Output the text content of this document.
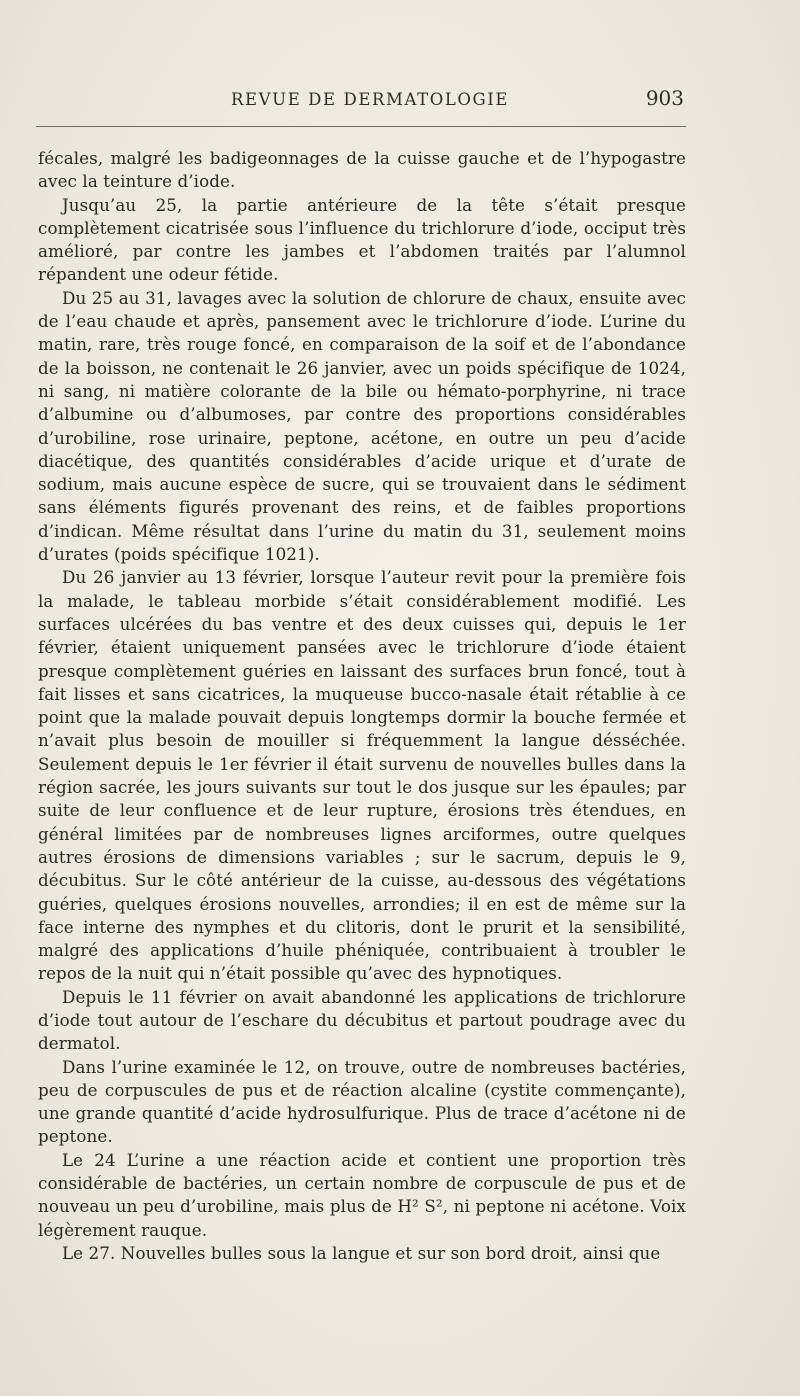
REVUE DE DERMATOLOGIE	903

fécales, malgré les badigeonnages de la cuisse gauche et de l’hypogastre avec la teinture d’iode.

Jusqu’au 25, la partie antérieure de la tête s’était presque complètement cicatrisée sous l’influence du trichlorure d’iode, occiput très amélioré, par contre les jambes et l’abdomen traités par l’alumnol répandent une odeur fétide.

Du 25 au 31, lavages avec la solution de chlorure de chaux, ensuite avec de l’eau chaude et après, pansement avec le trichlorure d’iode. L’urine du matin, rare, très rouge foncé, en comparaison de la soif et de l’abondance de la boisson, ne contenait le 26 janvier, avec un poids spécifique de 1024, ni sang, ni matière colorante de la bile ou hémato-porphyrine, ni trace d’albumine ou d’albumoses, par contre des proportions considérables d’urobiline, rose urinaire, peptone, acétone, en outre un peu d’acide diacétique, des quantités considérables d’acide urique et d’urate de sodium, mais aucune espèce de sucre, qui se trouvaient dans le sédiment sans éléments figurés provenant des reins, et de faibles proportions d’indican. Même résultat dans l’urine du matin du 31, seulement moins d’urates (poids spécifique 1021).

Du 26 janvier au 13 février, lorsque l’auteur revit pour la première fois la malade, le tableau morbide s’était considérablement modifié. Les surfaces ulcérées du bas ventre et des deux cuisses qui, depuis le 1er février, étaient uniquement pansées avec le trichlorure d’iode étaient presque complètement guéries en laissant des surfaces brun foncé, tout à fait lisses et sans cicatrices, la muqueuse bucco-nasale était rétablie à ce point que la malade pouvait depuis longtemps dormir la bouche fermée et n’avait plus besoin de mouiller si fréquemment la langue désséchée. Seulement depuis le 1er février il était survenu de nouvelles bulles dans la région sacrée, les jours suivants sur tout le dos jusque sur les épaules; par suite de leur confluence et de leur rupture, érosions très étendues, en général limitées par de nombreuses lignes arciformes, outre quelques autres érosions de dimensions variables ; sur le sacrum, depuis le 9, décubitus. Sur le côté antérieur de la cuisse, au-dessous des végétations guéries, quelques érosions nouvelles, arrondies; il en est de même sur la face interne des nymphes et du clitoris, dont le prurit et la sensibilité, malgré des applications d’huile phéniquée, contribuaient à troubler le repos de la nuit qui n’était possible qu’avec des hypnotiques.

Depuis le 11 février on avait abandonné les applications de trichlorure d’iode tout autour de l’eschare du décubitus et partout poudrage avec du dermatol.

Dans l’urine examinée le 12, on trouve, outre de nombreuses bactéries, peu de corpuscules de pus et de réaction alcaline (cystite commençante), une grande quantité d’acide hydrosulfurique. Plus de trace d’acétone ni de peptone.

Le 24 L’urine a une réaction acide et contient une proportion très considérable de bactéries, un certain nombre de corpuscule de pus et de nouveau un peu d’urobiline, mais plus de H² S², ni peptone ni acétone. Voix légèrement rauque.

Le 27. Nouvelles bulles sous la langue et sur son bord droit, ainsi que
